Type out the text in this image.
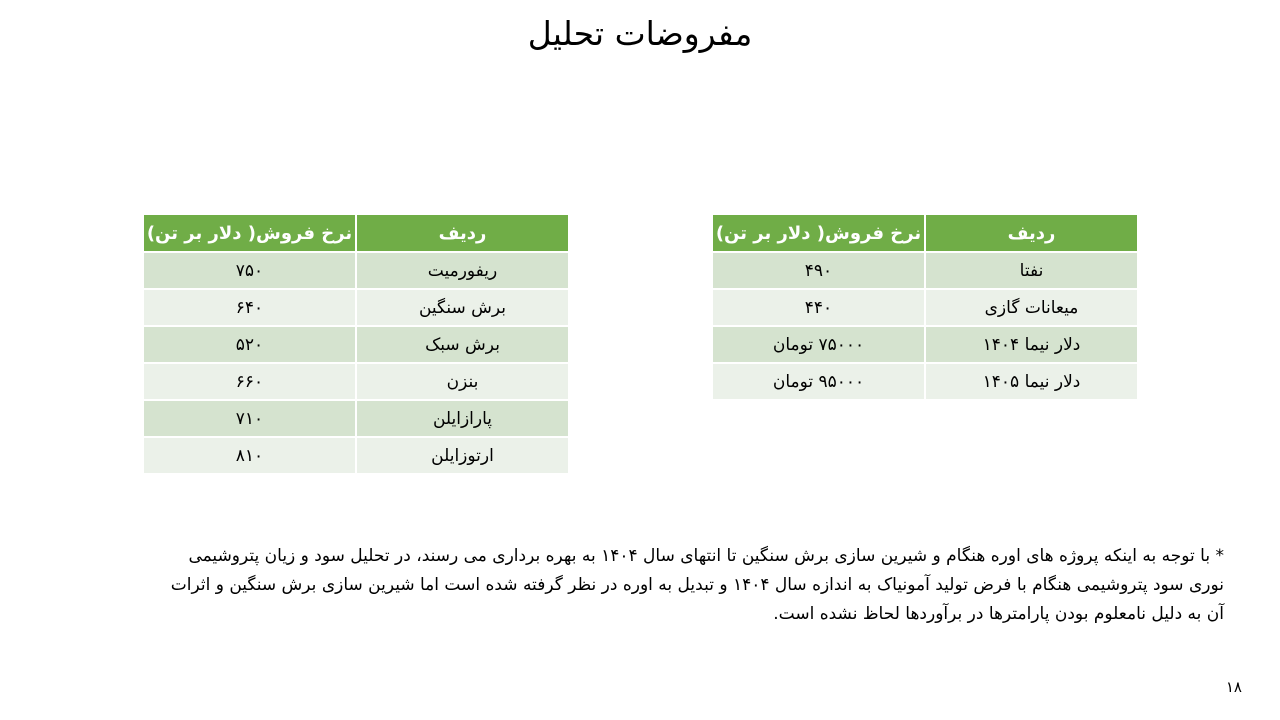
مفروضات تحلیل
ردیف	نرخ فروش( دلار بر تن)
نفتا	۴۹۰
میعانات گازی	۴۴۰
دلار نیما ۱۴۰۴	۷۵۰۰۰ تومان
دلار نیما ۱۴۰۵	۹۵۰۰۰ تومان
ردیف	نرخ فروش( دلار بر تن)
ریفورمیت	۷۵۰
برش سنگین	۶۴۰
برش سبک	۵۲۰
بنزن	۶۶۰
پارازایلن	۷۱۰
ارتوزایلن	۸۱۰
* با توجه به اینکه پروژه های اوره هنگام و شیرین سازی برش سنگین تا انتهای سال ۱۴۰۴ به بهره برداری می رسند، در تحلیل سود و زیان پتروشیمی
نوری سود پتروشیمی هنگام با فرض تولید آمونیاک به اندازه سال ۱۴۰۴ و تبدیل به اوره در نظر گرفته شده است اما شیرین سازی برش سنگین و اثرات
آن به دلیل نامعلوم بودن پارامترها در برآوردها لحاظ نشده است.
۱۸
